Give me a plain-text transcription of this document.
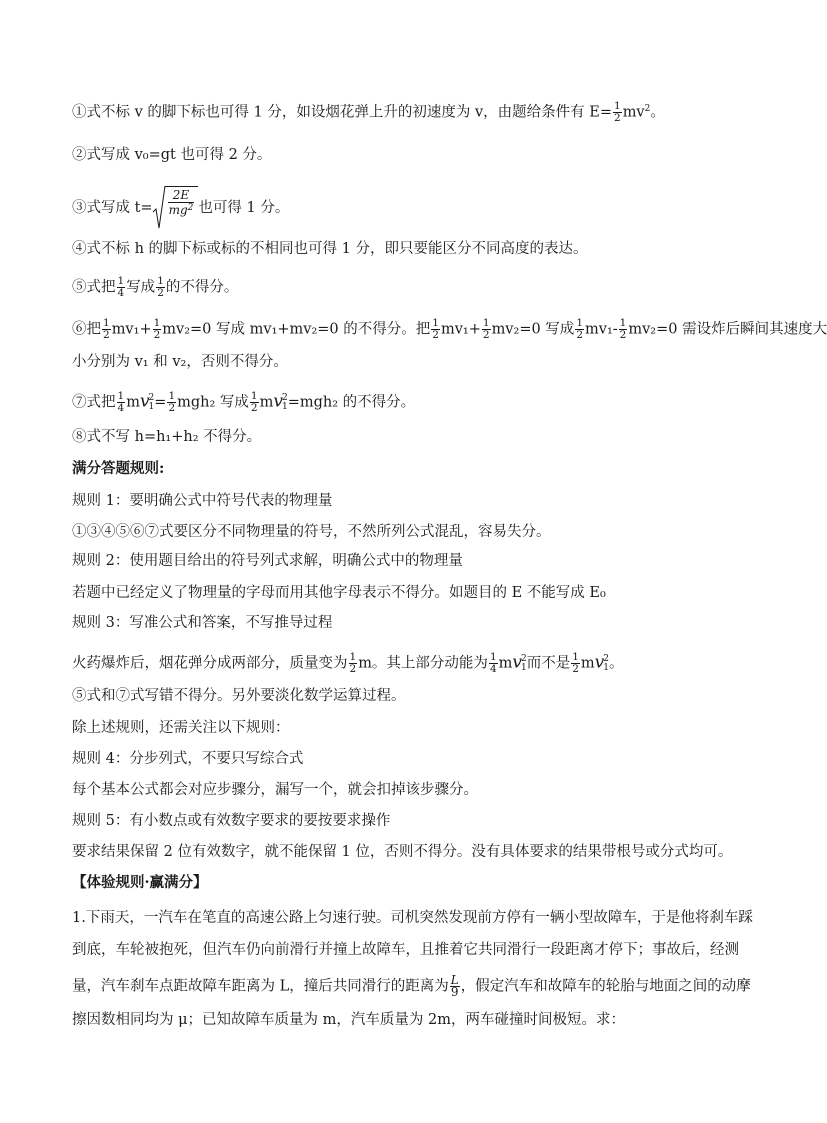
①式不标 v 的脚下标也可得 1 分，如设烟花弹上升的初速度为 v，由题给条件有 $E= \frac{1}{2} mv^2$。
②式写成 v₀=gt 也可得 2 分。
③式写成 $t= \frac{2E}{mg^2}$ 也可得 1 分。
④式不标 h 的脚下标或标的不相同也可得 1 分，即只要能区分不同高度的表达。
⑤式把 $\frac{1}{4}$ 写成 $\frac{1}{2}$ 的不得分。
⑥把 $\frac{1}{2} mv_1+ \frac{1}{2} mv_2=0$ 写成 mv₁+mv₂=0 的不得分。把 $\frac{1}{2} mv_1+ \frac{1}{2} mv_2=0$ 写成 $\frac{1}{2} mv_1- \frac{1}{2} mv_2=0$ 需设炸后瞬间其速度大
小分别为 v₁ 和 v₂，否则不得分。
⑦式把 $\frac{1}{4}$ m𝑣 2
$1 = \frac{1}{2} mgh_2$ 写成 $\frac{1}{2}$ m𝑣 2
1 =mgh₂ 的不得分。
⑧式不写 h=h₁+h₂ 不得分。
满分答题规则:
规则 1：要明确公式中符号代表的物理量
①③④⑤⑥⑦式要区分不同物理量的符号，不然所列公式混乱，容易失分。
规则 2：使用题目给出的符号列式求解，明确公式中的物理量
若题中已经定义了物理量的字母而用其他字母表示不得分。如题目的 E 不能写成 E₀
规则 3：写准公式和答案，不写推导过程
火药爆炸后，烟花弹分成两部分，质量变为 $\frac{1}{2}$ m。其上部分动能为 $\frac{1}{4}$ m𝑣 2
1 而不是 $\frac{1}{2}$ m𝑣 2
1 。
⑤式和⑦式写错不得分。另外要淡化数学运算过程。
除上述规则，还需关注以下规则：
规则 4：分步列式，不要只写综合式
每个基本公式都会对应步骤分，漏写一个，就会扣掉该步骤分。
规则 5：有小数点或有效数字要求的要按要求操作
要求结果保留 2 位有效数字，就不能保留 1 位，否则不得分。没有具体要求的结果带根号或分式均可。
【体验规则·赢满分】
1.下雨天，一汽车在笔直的高速公路上匀速行驶。司机突然发现前方停有一辆小型故障车，于是他将刹车踩
到底，车轮被抱死，但汽车仍向前滑行并撞上故障车，且推着它共同滑行一段距离才停下；事故后，经测
量，汽车刹车点距故障车距离为 L，撞后共同滑行的距离为 $\frac{L}{9}$ ，假定汽车和故障车的轮胎与地面之间的动摩
擦因数相同均为 μ；已知故障车质量为 m，汽车质量为 2m，两车碰撞时间极短。求：
